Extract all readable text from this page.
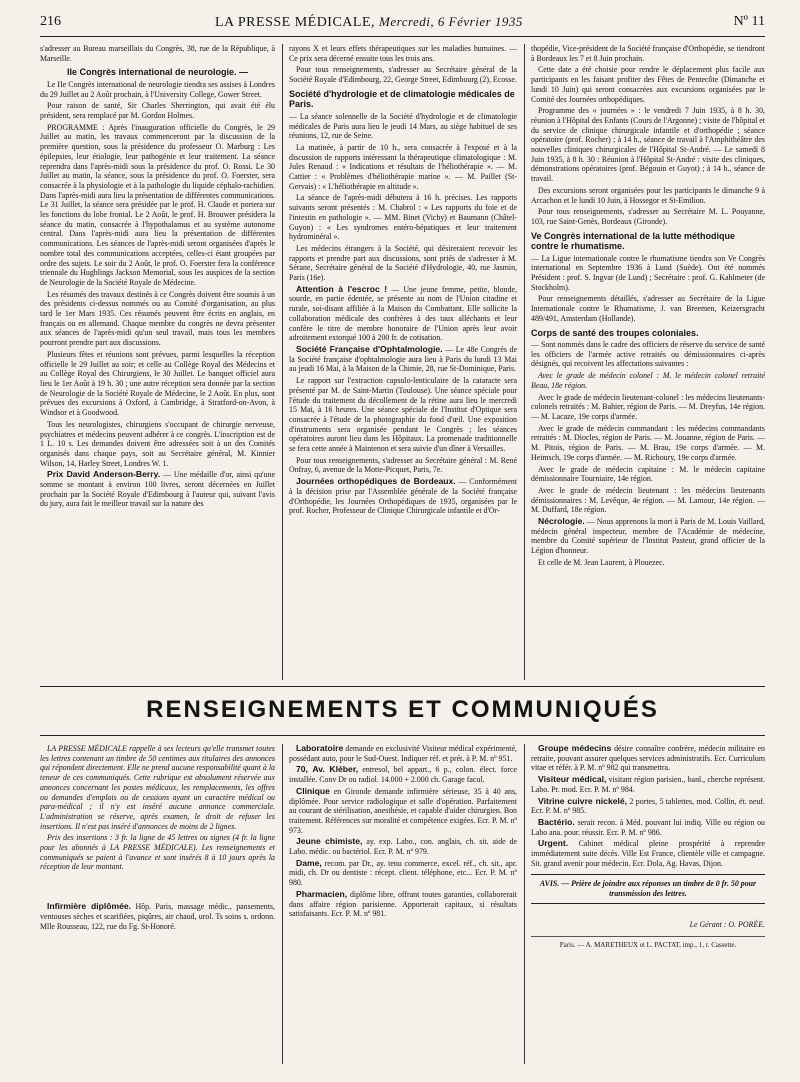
216	LA PRESSE MÉDICALE, Mercredi, 6 Février 1935	Nº 11

s'adresser au Bureau marseillais du Congrès, 38, rue de la République, à Marseille.

IIe Congrès international de neurologie. —

Le IIe Congrès international de neurologie tiendra ses assises à Londres du 29 Juillet au 2 Août prochain, à l'University College, Gower Street.

Pour raison de santé, Sir Charles Sherrington, qui avait été élu président, sera remplacé par M. Gordon Holmes.

PROGRAMME : Après l'inauguration officielle du Congrès, le 29 Juillet au matin, les travaux commenceront par la discussion de la première question, sous la présidence du professeur O. Marburg : Les épilepsies, leur étiologie, leur pathogénie et leur traitement. La séance reprendra dans l'après-midi sous la présidence du prof. O. Rossi. Le 30 Juillet au matin, la séance, sous la présidence du prof. O. Foerster, sera consacrée à la physiologie et à la pathologie du liquide céphalo-rachidien. Dans l'après-midi aura lieu la présentation de différentes communications. Le 31 Juillet, la séance sera présidée par le prof. H. Claude et portera sur les fonctions du lobe frontal. Le 2 Août, le prof. H. Brouwer présidera la séance du matin, consacrée à l'hypothalamus et au système autonome central. Dans l'après-midi aura lieu la présentation de différentes communications. Les séances de l'après-midi seront organisées d'après le nombre total des communications acceptées, celles-ci étant groupées par ordre des sujets. Le soir du 2 Août, le prof. O. Foerster fera la conférence triennale du Hughlings Jackson Memorial, sous les auspices de la section de Neurologie de la Société Royale de Médecine.

Les résumés des travaux destinés à ce Congrès doivent être soumis à un des présidents ci-dessus nommés ou au Comité d'organisation, au plus tard le 1er Mars 1935. Ces résumés peuvent être écrits en anglais, en français ou en allemand. Chaque membre du congrès ne devra présenter aux séances de l'après-midi qu'un seul travail, mais tous les membres pourront prendre part aux discussions.

Plusieurs fêtes et réunions sont prévues, parmi lesquelles la réception officielle le 29 Juillet au soir; et celle au Collège Royal des Médecins et au Collège Royal des Chirurgiens, le 30 Juillet. Le banquet officiel aura lieu le 1er Août à 19 h. 30 ; une autre réception sera donnée par la section de Neurologie de la Société Royale de Médecine, le 2 Août. En plus, sont prévues des excursions à Oxford, à Cambridge, à Stratford-on-Avon, à Windsor et à Goodwood.

Tous les neurologistes, chirurgiens s'occupant de chirurgie nerveuse, psychiatres et médecins peuvent adhérer à ce congrès. L'inscription est de 1 L. 10 s. Les demandes doivent être adressées soit à un des Comités organisés dans chaque pays, soit au Secrétaire général, M. Kinnier Wilson, 14, Harley Street, Londres W. 1.

Prix David Anderson-Berry. — Une médaille d'or, ainsi qu'une somme se montant à environ 100 livres, seront décernées en Juillet prochain par la Société Royale d'Edimbourg à l'auteur qui, suivant l'avis du jury, aura fait le meilleur travail sur la nature des

rayons X et leurs effets thérapeutiques sur les maladies humaines. — Ce prix sera décerné ensuite tous les trois ans.

Pour tous renseignements, s'adresser au Secrétaire général de la Société Royale d'Edimbourg, 22, George Street, Edimbourg (2), Ecosse.

Société d'hydrologie et de climatologie médicales de Paris.

— La séance solennelle de la Société d'hydrologie et de climatologie médicales de Paris aura lieu le jeudi 14 Mars, au siège habituel de ses réunions, 12, rue de Seine.

La matinée, à partir de 10 h., sera consacrée à l'exposé et à la discussion de rapports intéressant la thérapeutique climatologique : M. Jules Renaud : « Indications et résultats de l'héliothérapie ». — M. Cattier : « Problèmes d'héliothérapie marine ». — M. Paillet (St-Gervais) : « L'héliothérapie en altitude ».

La séance de l'après-midi débutera à 16 h. précises. Les rapports suivants seront présentés : M. Chabrol : « Les rapports du foie et de l'intestin en pathologie ». — MM. Binet (Vichy) et Baumann (Châtel-Guyon) : « Les syndromes entéro-hépatiques et leur traitement hydrominéral ».

Les médecins étrangers à la Société, qui désireraient recevoir les rapports et prendre part aux discussions, sont priés de s'adresser à M. Sérane, Secrétaire général de la Société d'Hydrologie, 40, rue Jasmin, Paris (16e).

Attention à l'escroc ! — Une jeune femme, petite, blonde, sourde, en partie édentée, se présente au nom de l'Union citadine et rurale, soi-disant affiliée à la Maison du Combattant. Elle sollicite la collaboration médicale des confrères à des taux alléchants et leur confère le titre de membre honoraire de l'Union après leur avoir adroitement extorqué 100 à 200 fr. de cotisation.

Société Française d'Ophtalmologie. — Le 48e Congrès de la Société française d'ophtalmologie aura lieu à Paris du lundi 13 Mai au jeudi 16 Mai, à la Maison de la Chimie, 28, rue St-Dominique, Paris.

Le rapport sur l'extraction capsulo-lenticulaire de la cataracte sera présenté par M. de Saint-Martin (Toulouse). Une séance spéciale pour l'étude du traitement du décollement de la rétine aura lieu le mercredi 15 Mai, à 16 heures. Une séance spéciale de l'Institut d'Optique sera consacrée à l'étude de la photographie du fond d'œil. Une exposition d'instruments sera organisée pendant le Congrès ; les séances opératoires auront lieu dans les Hôpitaux. La promenade traditionnelle se fera cette année à Maintenon et sera suivie d'un dîner à Versailles.

Pour tous renseignements, s'adresser au Secrétaire général : M. René Onfray, 6, avenue de la Motte-Picquet, Paris, 7e.

Journées orthopédiques de Bordeaux. — Conformément à la décision prise par l'Assemblée générale de la Société française d'Orthopédie, les Journées Orthopédiques de 1935, organisées par le prof. Rocher, Professeur de Clinique Chirurgicale infantile et d'Or-

thopédie, Vice-président de la Société française d'Orthopédie, se tiendront à Bordeaux les 7 et 8 Juin prochain.

Cette date a été choisie pour rendre le déplacement plus facile aux participants en les faisant profiter des Fêtes de Pentecôte (Dimanche et lundi 10 Juin) qui seront consacrées aux excursions organisées par le Comité des Journées orthopédiques.

Programme des « journées » : le vendredi 7 Juin 1935, à 8 h. 30, réunion à l'Hôpital des Enfants (Cours de l'Argonne) ; visite de l'hôpital et du service de clinique chirurgicale infantile et d'orthopédie ; séance opératoire (prof. Rocher) ; à 14 h., séance de travail à l'Amphithéâtre des nouvelles cliniques chirurgicales de l'Hôpital St-André. — Le samedi 8 Juin 1935, à 8 h. 30 : Réunion à l'Hôpital St-André : visite des cliniques, démonstrations opératoires (prof. Bégouin et Guyot) ; à 14 h., séance de travail.

Des excursions seront organisées pour les participants le dimanche 9 à Arcachon et le lundi 10 Juin, à Hossegor et St-Emilion.

Pour tous renseignements, s'adresser au Secrétaire M. L. Pouyanne, 103, rue Saint-Genès, Bordeaux (Gironde).

Ve Congrès international de la lutte méthodique contre le rhumatisme.

— La Ligue internationale contre le rhumatisme tiendra son Ve Congrès international en Septembre 1936 à Lund (Suède). Ont été nommés Président : prof. S. Ingvar (de Lund) ; Secrétaire : prof. G. Kahlmeter (de Stockholm).

Pour renseignements détaillés, s'adresser au Secrétaire de la Ligue Internationale contre le Rhumatisme, J. van Breemen, Keizersgracht 489/491, Amsterdam (Hollande).

Corps de santé des troupes coloniales.

— Sont nommés dans le cadre des officiers de réserve du service de santé les officiers de l'armée active retraités ou démissionnaires ci-après désignés, qui recoivent les affectations suivantes :

Avec le grade de médecin colonel : M. le médecin colonel retraité Beau, 18e région.

Avec le grade de médecin lieutenant-colonel : les médecins lieutenants-colonels retraités : M. Bahier, région de Paris. — M. Dreyfus, 14e région. — M. Lacaze, 19e corps d'armée.

Avec le grade de médecin commandant : les médecins commandants retraités : M. Diocles, région de Paris. — M. Jouanne, région de Paris. — M. Pitois, région de Paris. — M. Brau, 19e corps d'armée. — M. Heimsch, 19e corps d'armée. — M. Richoury, 19e corps d'armée.

Avec le grade de médecin capitaine : M. le médecin capitaine démissionnaire Tourniaire, 14e région.

Avec le grade de médecin lieutenant : les médecins lieutenants démissionnaires : M. Levêque, 4e région. — M. Lamour, 14e région. — M. Duffard, 18e région.

Nécrologie. — Nous apprenons la mort à Paris de M. Louis Vaillard, médecin général inspecteur, membre de l'Académie de médecine, membre du Comité supérieur de l'Institut Pasteur, grand officier de la Légion d'honneur.

Et celle de M. Jean Laurent, à Plouezec.

RENSEIGNEMENTS ET COMMUNIQUÉS

LA PRESSE MÉDICALE rappelle à ses lecteurs qu'elle transmet toutes les lettres contenant un timbre de 50 centimes aux titulaires des annonces qui répondent directement. Elle ne prend aucune responsabilité quant à la teneur de ces communiqués. Cette rubrique est absolument réservée aux annonces concernant les postes médicaux, les remplacements, les offres ou demandes d'emplois ou de cessions ayant un caractère médical ou para-médical ; il n'y est inséré aucune annonce commerciale. L'administration se réserve, après examen, le droit de refuser les insertions. Il n'est pas inséré d'annonces de moins de 2 lignes.

Prix des insertions : 3 fr. la ligne de 45 lettres ou signes (4 fr. la ligne pour les abonnés à LA PRESSE MÉDICALE). Les renseignements et communiqués se paient à l'avance et sont insérés 8 à 10 jours après la réception de leur montant.

Infirmière diplômée. Hôp. Paris, massage médic., pansements, ventouses sèches et scarifiées, piqûres, air chaud, urol. Ts soins s. ordonn. Mlle Rousseau, 122, rue du Fg. St-Honoré.

Laboratoire demande en exclusivité Visiteur médical expérimenté, possédant auto, pour le Sud-Ouest. Indiquer réf. et prét. à P. M. nº 951.

70, Av. Kléber, entresol, bel appart., 6 p., colon. élect. force installée. Conv Dr ou radiol. 14.000 + 2.000 ch. Garage facul.

Clinique en Gironde demande infirmière sérieuse, 35 à 40 ans, diplômée. Pour service radiologique et salle d'opération. Parfaitement au courant de stérilisation, anesthésie, et capable d'aider chirurgien. Bon traitement. Références sur moralité et compétence exigées. Ecr. P. M. nº 973.

Jeune chimiste, ay. exp. Labo., con. anglais, ch. sit. aide de Labo. médic. ou bactériol. Ecr. P. M. nº 979.

Dame, recom. par Dr., ay. tenu commerce, excel. réf., ch. sit., apr. midi, ch. Dr ou dentiste : récept. client. téléphone, etc... Ecr. P. M. nº 980.

Pharmacien, diplôme libre, offrant toutes garanties, collaborerait dans affaire région parisienne. Apporterait capitaux, si résultats satisfaisants. Ecr. P. M. nº 981.

Groupe médecins désire connaître confrère, médecin militaire en retraite, pouvant assurer quelques services administratifs. Ecr. Curriculum vitae et référ. à P. M. nº 982 qui transmettra.

Visiteur médical, visitant région parisien., banl., cherche représent. Labo. Pr. mod. Ecr. P. M. nº 984.

Vitrine cuivre nickelé, 2 portes, 5 tablettes, mod. Collin, ét. neuf. Ecr. P. M. nº 985.

Bactério. serait recon. à Méd. pouvant lui indiq. Ville ou région ou Labo ana. pour. réussir. Ecr. P. M. nº 986.

Urgent. Cabinet médical pleine prospérité à reprendre immédiatement suite décès. Ville Est France, clientèle ville et campagne. Sit. grand avenir pour médecin. Ecr. Dola, Ag. Havas, Dijon.

AVIS. — Prière de joindre aux réponses un timbre de 0 fr. 50 pour transmission des lettres.
Le Gérant : O. PORÉE.
Paris. — A. MARETHEUX et L. PACTAT, imp., 1, r. Cassette.
